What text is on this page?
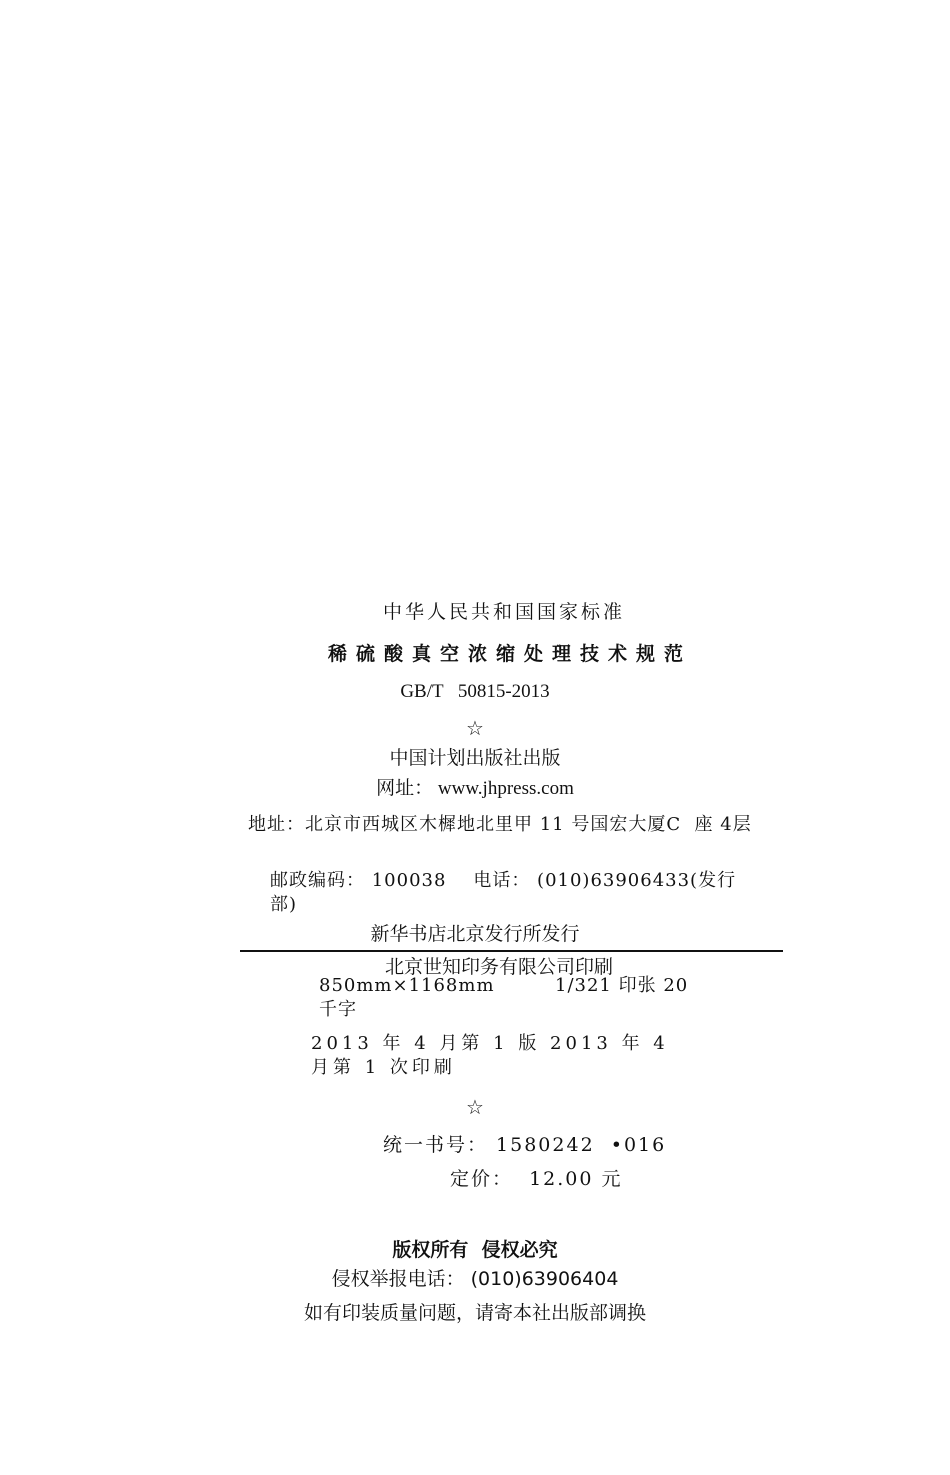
中华人民共和国国家标准
稀硫酸真空浓缩处理技术规范
GB/T   50815-2013
☆
中国计划出版社出版
网址： www.jhpress.com
地址：北京市西城区木樨地北里甲 11 号国宏大厦C  座 4层
邮政编码： 100038    电话： (010)63906433(发行部)
新华书店北京发行所发行
北京世知印务有限公司印刷
850mm×1168mm         1/321 印张 20 千字
2013 年 4 月第 1 版 2013 年 4 月第 1 次印刷
☆
统一书号： 1580242  •016
定价：  12.00 元
版权所有  侵权必究
侵权举报电话： (010)63906404
如有印装质量问题，请寄本社出版部调换
